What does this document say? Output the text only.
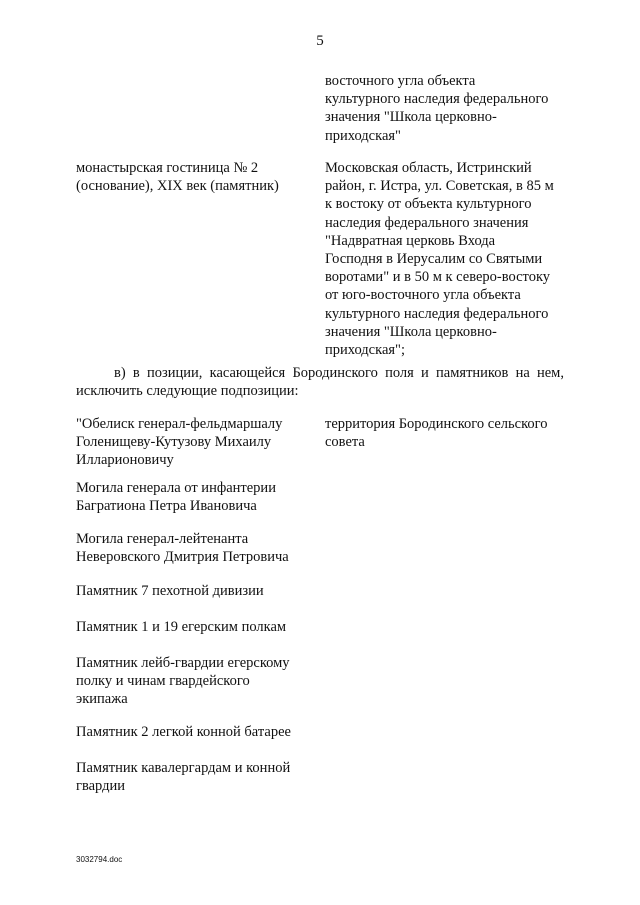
5
восточного угла объекта
культурного наследия федерального
значения "Школа церковно-
приходская"
монастырская гостиница № 2
(основание), XIX век (памятник)
Московская область, Истринский
район, г. Истра, ул. Советская, в 85 м
к востоку от объекта культурного
наследия федерального значения
"Надвратная церковь Входа
Господня в Иерусалим со Святыми
воротами" и в 50 м к северо-востоку
от юго-восточного угла объекта
культурного наследия федерального
значения "Школа церковно-
приходская";

в) в позиции, касающейся Бородинского поля и памятников на нем,

исключить следующие подпозиции:

территория Бородинского сельского
совета
"Обелиск генерал-фельдмаршалу
Голенищеву-Кутузову Михаилу
Илларионовичу
Могила генерала от инфантерии
Багратиона Петра Ивановича
Могила генерал-лейтенанта
Неверовского Дмитрия Петровича
Памятник 7 пехотной дивизии
Памятник 1 и 19 егерским полкам
Памятник лейб-гвардии егерскому
полку и чинам гвардейского
экипажа
Памятник 2 легкой конной батарее
Памятник кавалергардам и конной
гвардии
3032794.doc
